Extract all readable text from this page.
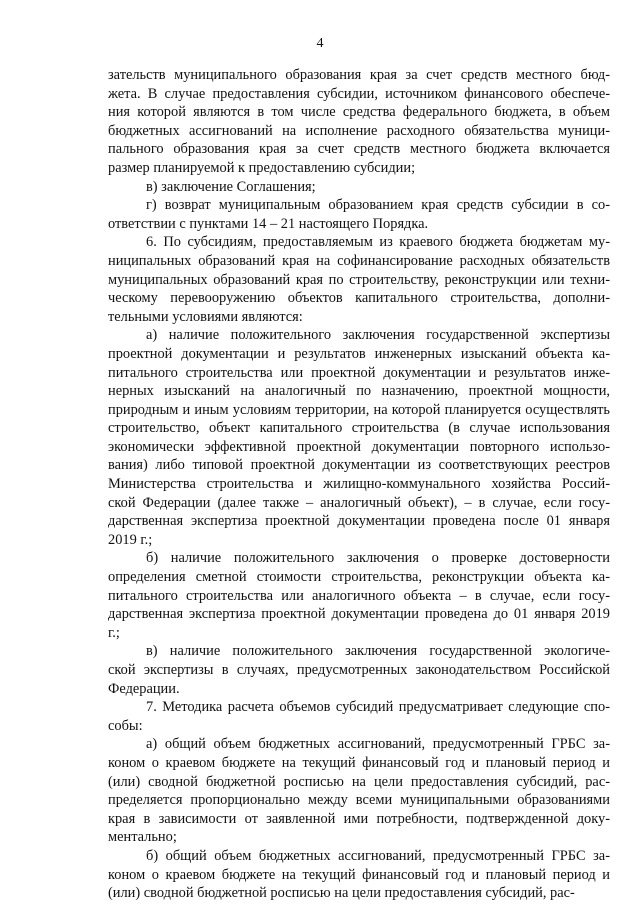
4
зательств муниципального образования края за счет средств местного бюд-
жета. В случае предоставления субсидии, источником финансового обеспече-
ния которой являются в том числе средства федерального бюджета, в объем
бюджетных ассигнований на исполнение расходного обязательства муници-
пального образования края за счет средств местного бюджета включается
размер планируемой к предоставлению субсидии;
в) заключение Соглашения;
г) возврат муниципальным образованием края средств субсидии в со-
ответствии с пунктами 14 – 21 настоящего Порядка.
6. По субсидиям, предоставляемым из краевого бюджета бюджетам му-
ниципальных образований края на софинансирование расходных обязательств
муниципальных образований края по строительству, реконструкции или техни-
ческому перевооружению объектов капитального строительства, дополни-
тельными условиями являются:
а) наличие положительного заключения государственной экспертизы
проектной документации и результатов инженерных изысканий объекта ка-
питального строительства или проектной документации и результатов инже-
нерных изысканий на аналогичный по назначению, проектной мощности,
природным и иным условиям территории, на которой планируется осуществлять
строительство, объект капитального строительства (в случае использования
экономически эффективной проектной документации повторного использо-
вания) либо типовой проектной документации из соответствующих реестров
Министерства строительства и жилищно-коммунального хозяйства Россий-
ской Федерации (далее также – аналогичный объект), – в случае, если госу-
дарственная экспертиза проектной документации проведена после 01 января
2019 г.;
б) наличие положительного заключения о проверке достоверности
определения сметной стоимости строительства, реконструкции объекта ка-
питального строительства или аналогичного объекта – в случае, если госу-
дарственная экспертиза проектной документации проведена до 01 января 2019
г.;
в) наличие положительного заключения государственной экологиче-
ской экспертизы в случаях, предусмотренных законодательством Российской
Федерации.
7. Методика расчета объемов субсидий предусматривает следующие спо-
собы:
а) общий объем бюджетных ассигнований, предусмотренный ГРБС за-
коном о краевом бюджете на текущий финансовый год и плановый период и
(или) сводной бюджетной росписью на цели предоставления субсидий, рас-
пределяется пропорционально между всеми муниципальными образованиями
края в зависимости от заявленной ими потребности, подтвержденной доку-
ментально;
б) общий объем бюджетных ассигнований, предусмотренный ГРБС за-
коном о краевом бюджете на текущий финансовый год и плановый период и
(или) сводной бюджетной росписью на цели предоставления субсидий, рас-
